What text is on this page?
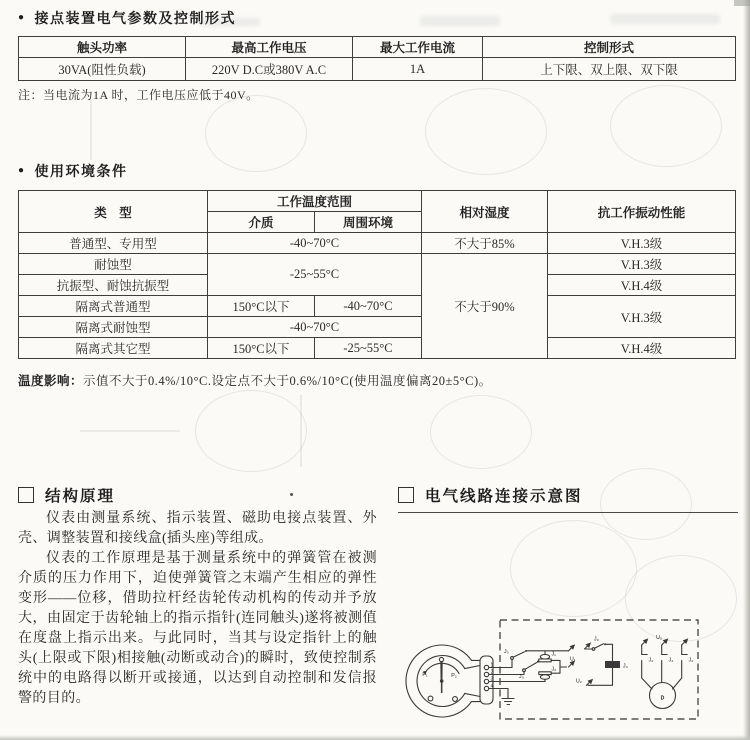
● 接点装置电气参数及控制形式
触头功率	最高工作电压	最大工作电流	控制形式
30VA(阻性负载)	220V D.C或380V A.C	1A	上下限、双上限、双下限
注：当电流为1A 时，工作电压应低于40V。
● 使用环境条件
类　型	工作温度范围		相对湿度	抗工作振动性能
	介质	周围环境		
普通型、专用型	-40~70°C		不大于85%	V.H.3级
耐蚀型	-25~55°C		不大于90%	V.H.3级
抗振型、耐蚀抗振型				V.H.4级
隔离式普通型	150°C以下	-40~70°C		V.H.3级
隔离式耐蚀型	-40~70°C			
隔离式其它型	150°C以下	-25~55°C		V.H.4级
温度影响：示值不大于0.4%/10°C.设定点不大于0.6%/10°C(使用温度偏离20±5°C)。
结构原理

仪表由测量系统、指示装置、磁助电接点装置、外壳、调整装置和接线盒(插头座)等组成。

仪表的工作原理是基于测量系统中的弹簧管在被测介质的压力作用下，迫使弹簧管之末端产生相应的弹性变形——位移，借助拉杆经齿轮传动机构的传动并予放大，由固定于齿轮轴上的指示指针(连同触头)遂将被测值在度盘上指示出来。与此同时，当其与设定指针上的触头(上限或下限)相接触(动断或动合)的瞬时，致使控制系统中的电路得以断开或接通，以达到自动控制和发信报警的目的。

电气线路连接示意图
P₁	P₂
1
2
3
4
J₀
J₀
J₁
J₂
U₁
J₃
J₄
U₂
U₃
J₄	J₄	J₄
D
